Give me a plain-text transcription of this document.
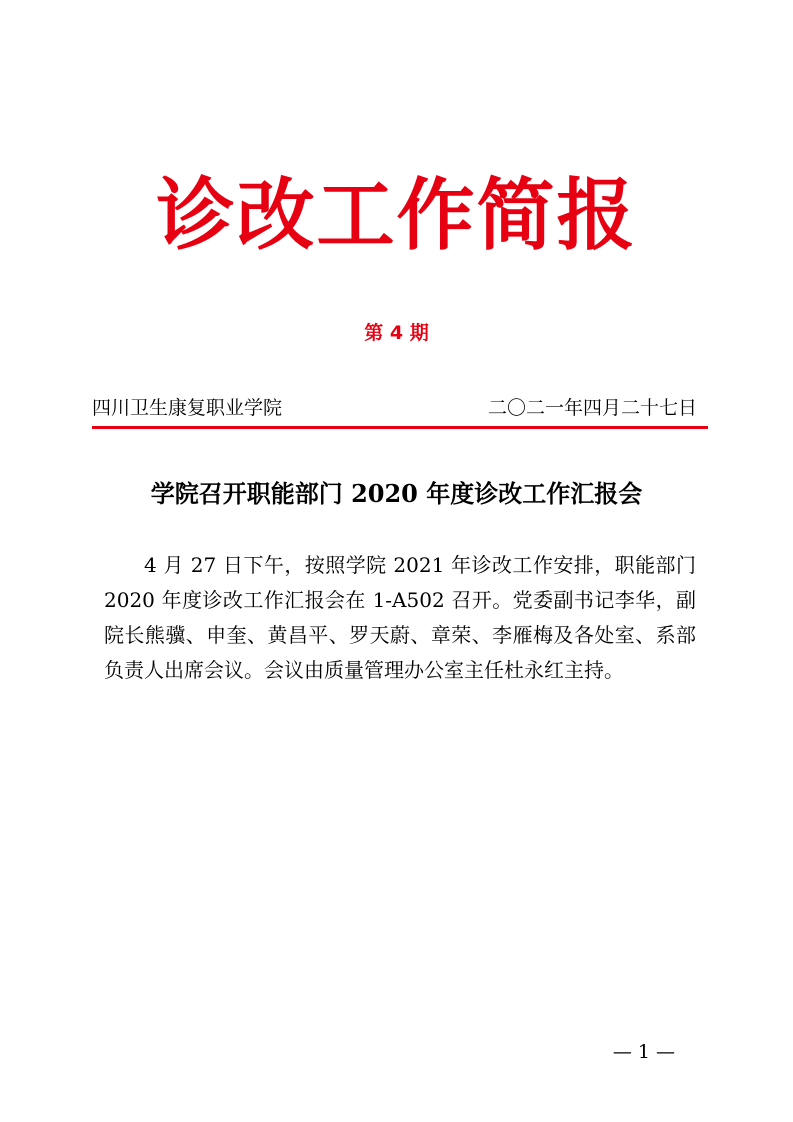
诊改工作简报
第 4 期
四川卫生康复职业学院	二〇二一年四月二十七日
学院召开职能部门 2020 年度诊改工作汇报会

4 月 27 日下午，按照学院 2021 年诊改工作安排，职能部门 2020 年度诊改工作汇报会在 1-A502 召开。党委副书记李华，副院长熊骥、申奎、黄昌平、罗天蔚、章荣、李雁梅及各处室、系部负责人出席会议。会议由质量管理办公室主任杜永红主持。

— 1 —
